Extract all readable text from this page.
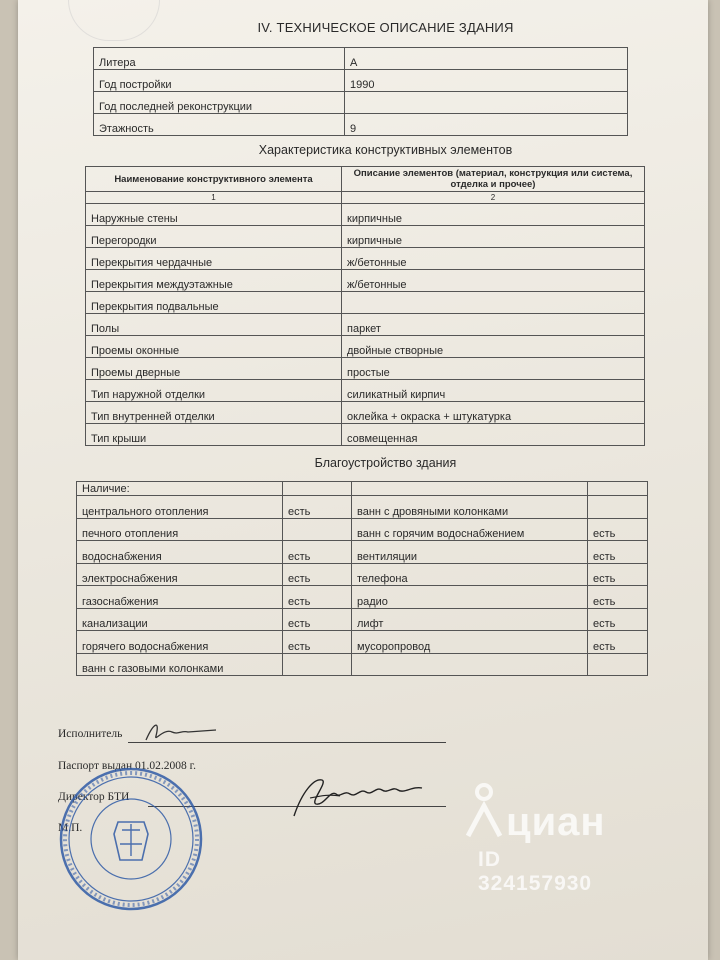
IV. ТЕХНИЧЕСКОЕ ОПИСАНИЕ ЗДАНИЯ
Литера	А
Год постройки	1990
Год последней реконструкции	
Этажность	9
Характеристика конструктивных элементов
Наименование конструктивного элемента	Описание элементов (материал, конструкция или система, отделка и прочее)
1	2
Наружные стены	кирпичные
Перегородки	кирпичные
Перекрытия чердачные	ж/бетонные
Перекрытия междуэтажные	ж/бетонные
Перекрытия подвальные	
Полы	паркет
Проемы оконные	двойные створные
Проемы дверные	простые
Тип наружной отделки	силикатный кирпич
Тип внутренней отделки	оклейка + окраска + штукатурка
Тип крыши	совмещенная
Благоустройство здания
Наличие:			
центрального отопления	есть	ванн с дровяными колонками	
печного отопления		ванн с горячим водоснабжением	есть
водоснабжения	есть	вентиляции	есть
электроснабжения	есть	телефона	есть
газоснабжения	есть	радио	есть
канализации	есть	лифт	есть
горячего водоснабжения	есть	мусоропровод	есть
ванн с газовыми колонками			
Исполнитель
Паспорт выдан 01.02.2008 г.
Директор БТИ
М.П.	циан
ID 324157930
